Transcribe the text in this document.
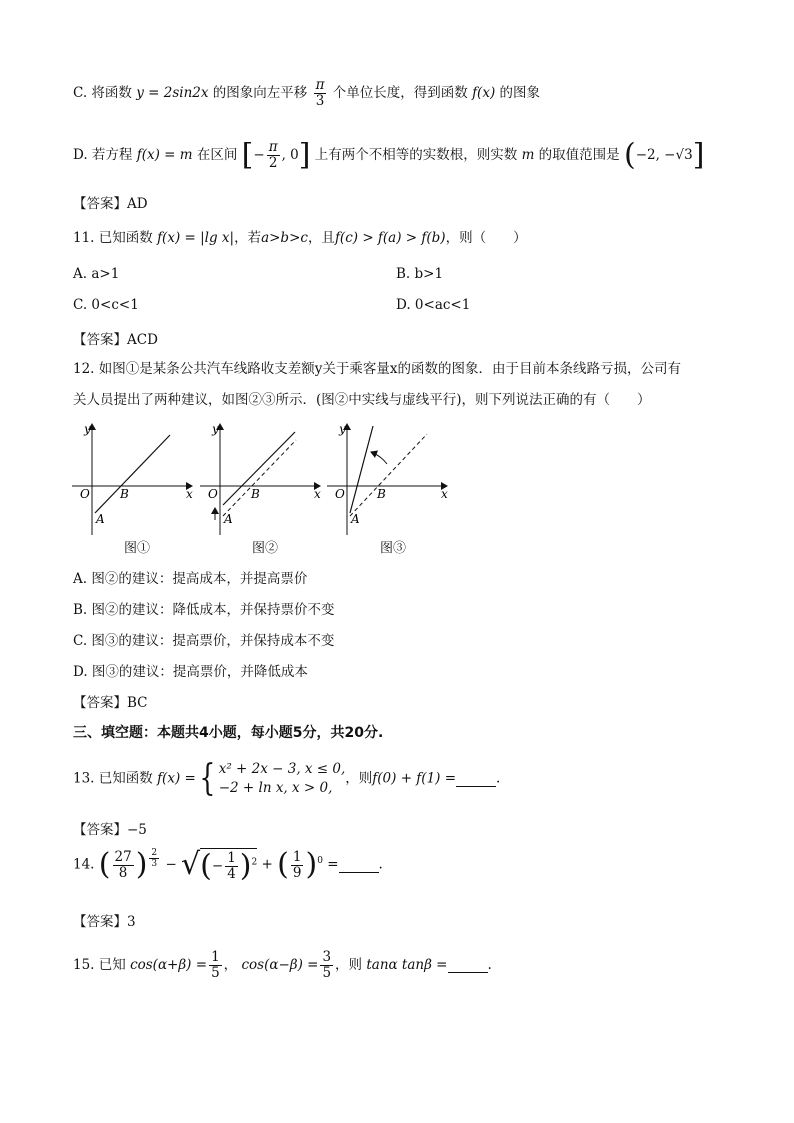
C. 将函数 y = 2sin2x 的图象向左平移 $\frac{\pi}{3}$ 个单位长度，得到函数 f(x) 的图象
D. 若方程 f(x) = m 在区间 [− $\frac{\pi}{2}$ , 0] 上有两个不相等的实数根，则实数 m 的取值范围是 (−2, −√3]
【答案】AD
11. 已知函数 f(x) = |lg x|，若a>b>c，且f(c) > f(a) > f(b)，则（　　）
A. a>1	B. b>1
C. 0<c<1	D. 0<ac<1
【答案】ACD
12. 如图①是某条公共汽车线路收支差额y关于乘客量x的函数的图象．由于目前本条线路亏损，公司有
关人员提出了两种建议，如图②③所示．(图②中实线与虚线平行)，则下列说法正确的有（　　）
y
x
O	B
A
图①
y
x
O	B
A
图②
y
x
O	B
A
图③
A. 图②的建议：提高成本，并提高票价
B. 图②的建议：降低成本，并保持票价不变
C. 图③的建议：提高票价，并保持成本不变
D. 图③的建议：提高票价，并降低成本
【答案】BC
三、填空题：本题共4小题，每小题5分，共20分.
13. 已知函数 f(x) ={ x² + 2x − 3, x ≤ 0,
−2 + ln x, x > 0,
，则f(0) + f(1) =	.
【答案】−5
14. ( $\frac{27}{8}$ ) $\frac{2}{3}$ − √(− $\frac{1}{4} )^2$ + ( $\frac{1}{9} )^0$ =	.
【答案】3
15. 已知 $\cos(\alpha+\beta) = \frac{1}{5}$ ， $\cos(\alpha-\beta) = \frac{3}{5}$ ，则 tanα tanβ =	.
